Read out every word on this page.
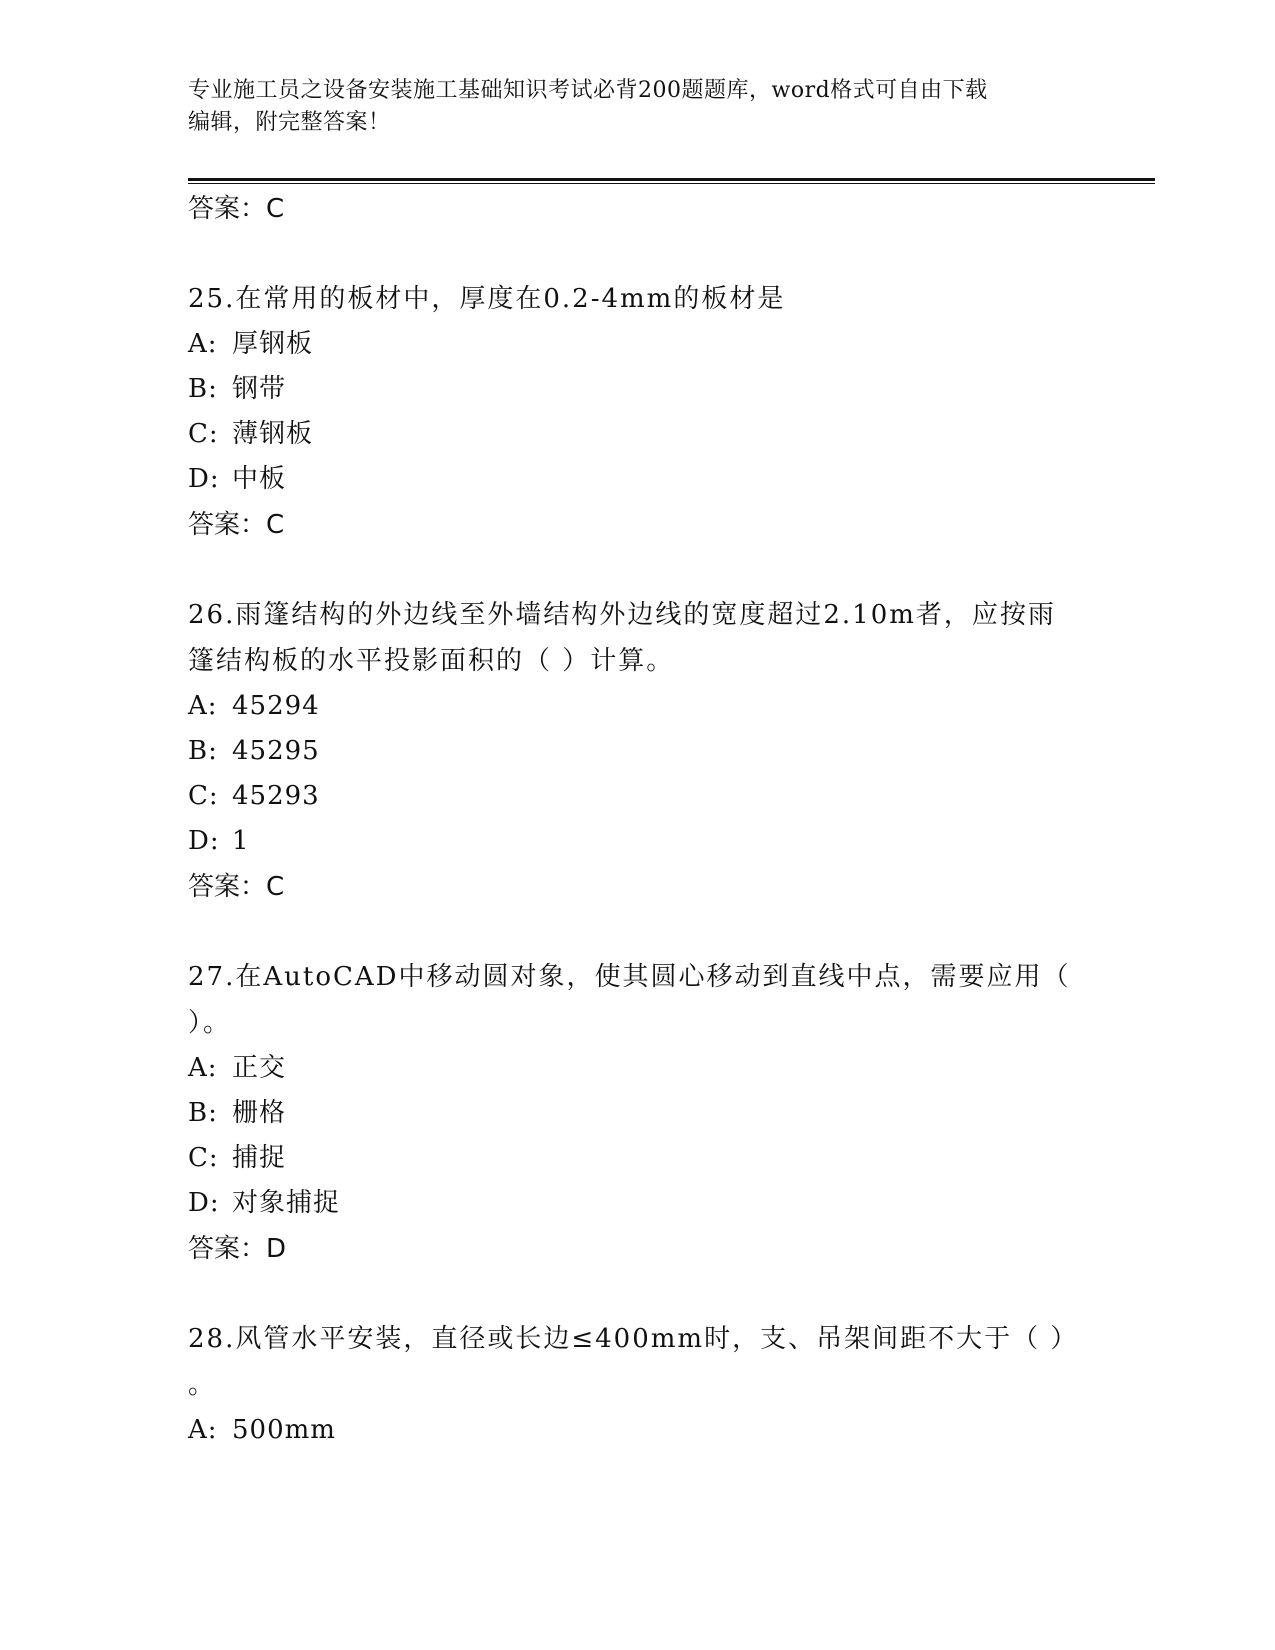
专业施工员之设备安装施工基础知识考试必背200题题库，word格式可自由下载
编辑，附完整答案！
答案：C
25.在常用的板材中，厚度在0.2-4mm的板材是
A: 厚钢板
B: 钢带
C: 薄钢板
D: 中板
答案：C
26.雨篷结构的外边线至外墙结构外边线的宽度超过2.10m者，应按雨
篷结构板的水平投影面积的（ ）计算。
A: 45294
B: 45295
C: 45293
D: 1
答案：C
27.在AutoCAD中移动圆对象，使其圆心移动到直线中点，需要应用（
）。
A: 正交
B: 栅格
C: 捕捉
D: 对象捕捉
答案：D
28.风管水平安装，直径或长边≤400mm时，支、吊架间距不大于（ ）
。
A: 500mm
